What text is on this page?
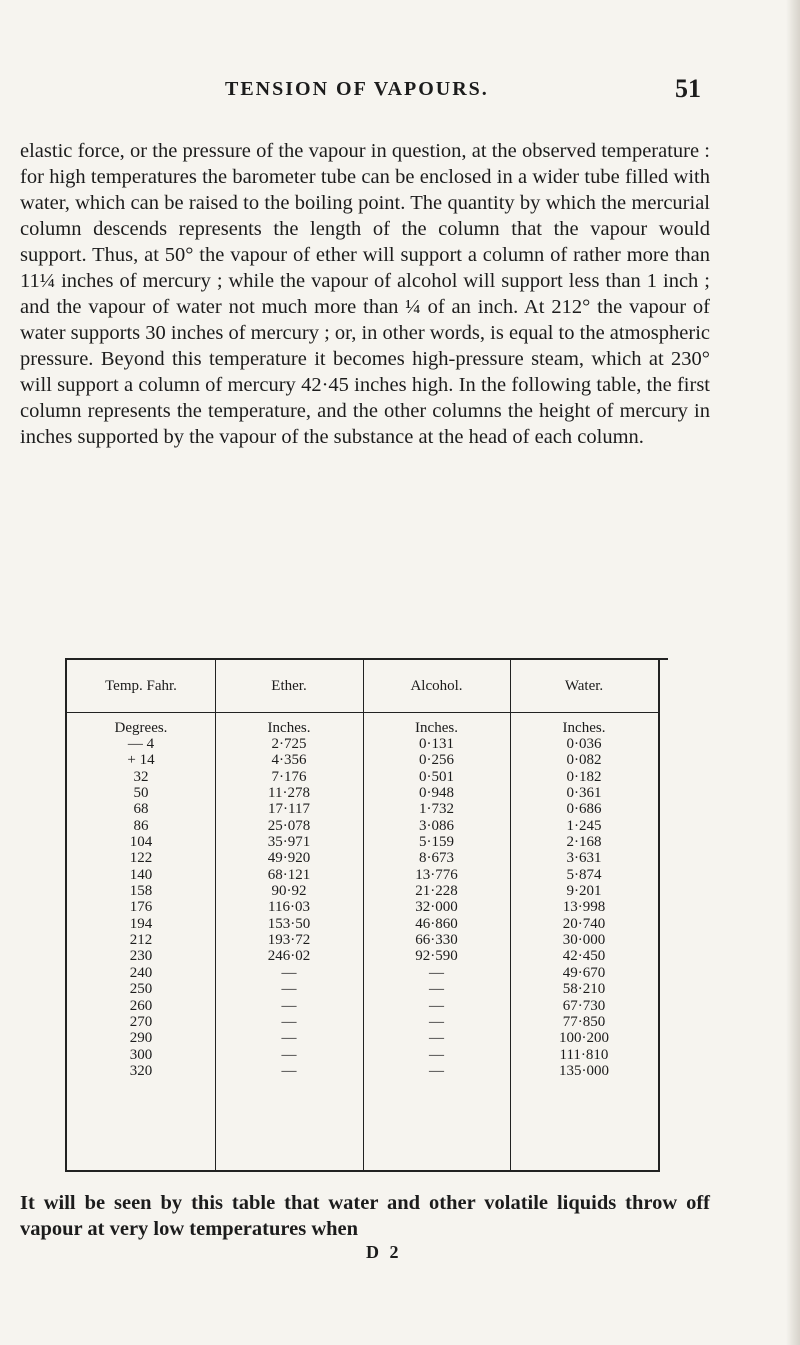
TENSION OF VAPOURS.	51

elastic force, or the pressure of the vapour in question, at the observed temperature : for high temperatures the barometer tube can be enclosed in a wider tube filled with water, which can be raised to the boiling point. The quantity by which the mercurial column descends represents the length of the column that the vapour would support. Thus, at 50° the vapour of ether will support a column of rather more than 11¼ inches of mercury ; while the vapour of alcohol will support less than 1 inch ; and the vapour of water not much more than ¼ of an inch. At 212° the vapour of water supports 30 inches of mercury ; or, in other words, is equal to the atmospheric pressure. Beyond this temperature it becomes high-pressure steam, which at 230° will support a column of mercury 42·45 inches high. In the following table, the first column represents the temperature, and the other columns the height of mercury in inches supported by the vapour of the substance at the head of each column.

Temp. Fahr.
Degrees.
— 4
+ 14
32
50
68
86
104
122
140
158
176
194
212
230
240
250
260
270
290
300
320
Ether.
Inches.
2·725
4·356
7·176
11·278
17·117
25·078
35·971
49·920
68·121
90·92
116·03
153·50
193·72
246·02
—
—
—
—
—
—
—
Alcohol.
Inches.
0·131
0·256
0·501
0·948
1·732
3·086
5·159
8·673
13·776
21·228
32·000
46·860
66·330
92·590
—
—
—
—
—
—
—
Water.
Inches.
0·036
0·082
0·182
0·361
0·686
1·245
2·168
3·631
5·874
9·201
13·998
20·740
30·000
42·450
49·670
58·210
67·730
77·850
100·200
111·810
135·000
It will be seen by this table that water and other volatile liquids throw off vapour at very low temperatures when
D 2
